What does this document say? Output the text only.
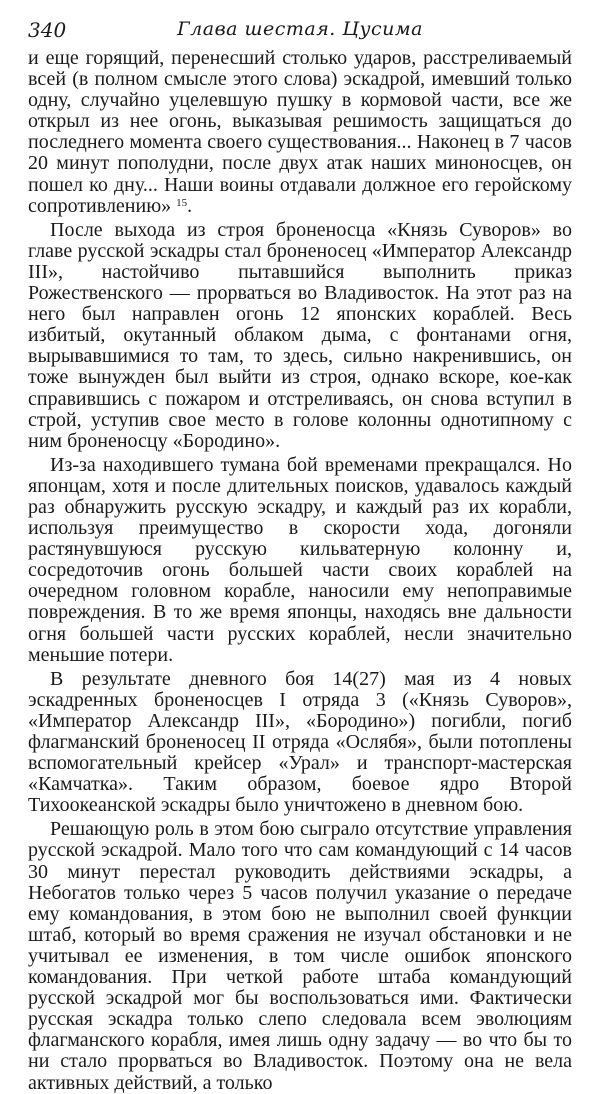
340	Глава шестая. Цусима

и еще горящий, перенесший столько ударов, расстреливаемый всей (в полном смысле этого слова) эскадрой, имевший только одну, случайно уцелевшую пушку в кормовой части, все же открыл из нее огонь, выказывая решимость защищаться до последнего момента своего существования... Наконец в 7 часов 20 минут пополудни, после двух атак наших миноносцев, он пошел ко дну... Наши воины отдавали должное его геройскому сопротивлению» $^{15}$.

После выхода из строя броненосца «Князь Суворов» во главе русской эскадры стал броненосец «Император Александр III», настойчиво пытавшийся выполнить приказ Рожественского — прорваться во Владивосток. На этот раз на него был направлен огонь 12 японских кораблей. Весь избитый, окутанный облаком дыма, с фонтанами огня, вырывавшимися то там, то здесь, сильно накренившись, он тоже вынужден был выйти из строя, однако вскоре, кое-как справившись с пожаром и отстреливаясь, он снова вступил в строй, уступив свое место в голове колонны однотипному с ним броненосцу «Бородино».

Из-за находившего тумана бой временами прекращался. Но японцам, хотя и после длительных поисков, удавалось каждый раз обнаружить русскую эскадру, и каждый раз их корабли, используя преимущество в скорости хода, догоняли растянувшуюся русскую кильватерную колонну и, сосредоточив огонь большей части своих кораблей на очередном головном корабле, наносили ему непоправимые повреждения. В то же время японцы, находясь вне дальности огня большей части русских кораблей, несли значительно меньшие потери.

В результате дневного боя 14(27) мая из 4 новых эскадренных броненосцев I отряда 3 («Князь Суворов», «Император Александр III», «Бородино») погибли, погиб флагманский броненосец II отряда «Ослябя», были потоплены вспомогательный крейсер «Урал» и транспорт-мастерская «Камчатка». Таким образом, боевое ядро Второй Тихоокеанской эскадры было уничтожено в дневном бою.

Решающую роль в этом бою сыграло отсутствие управления русской эскадрой. Мало того что сам командующий с 14 часов 30 минут перестал руководить действиями эскадры, а Небогатов только через 5 часов получил указание о передаче ему командования, в этом бою не выполнил своей функции штаб, который во время сражения не изучал обстановки и не учитывал ее изменения, в том числе ошибок японского командования. При четкой работе штаба командующий русской эскадрой мог бы воспользоваться ими. Фактически русская эскадра только слепо следовала всем эволюциям флагманского корабля, имея лишь одну задачу — во что бы то ни стало прорваться во Владивосток. Поэтому она не вела активных действий, а только
